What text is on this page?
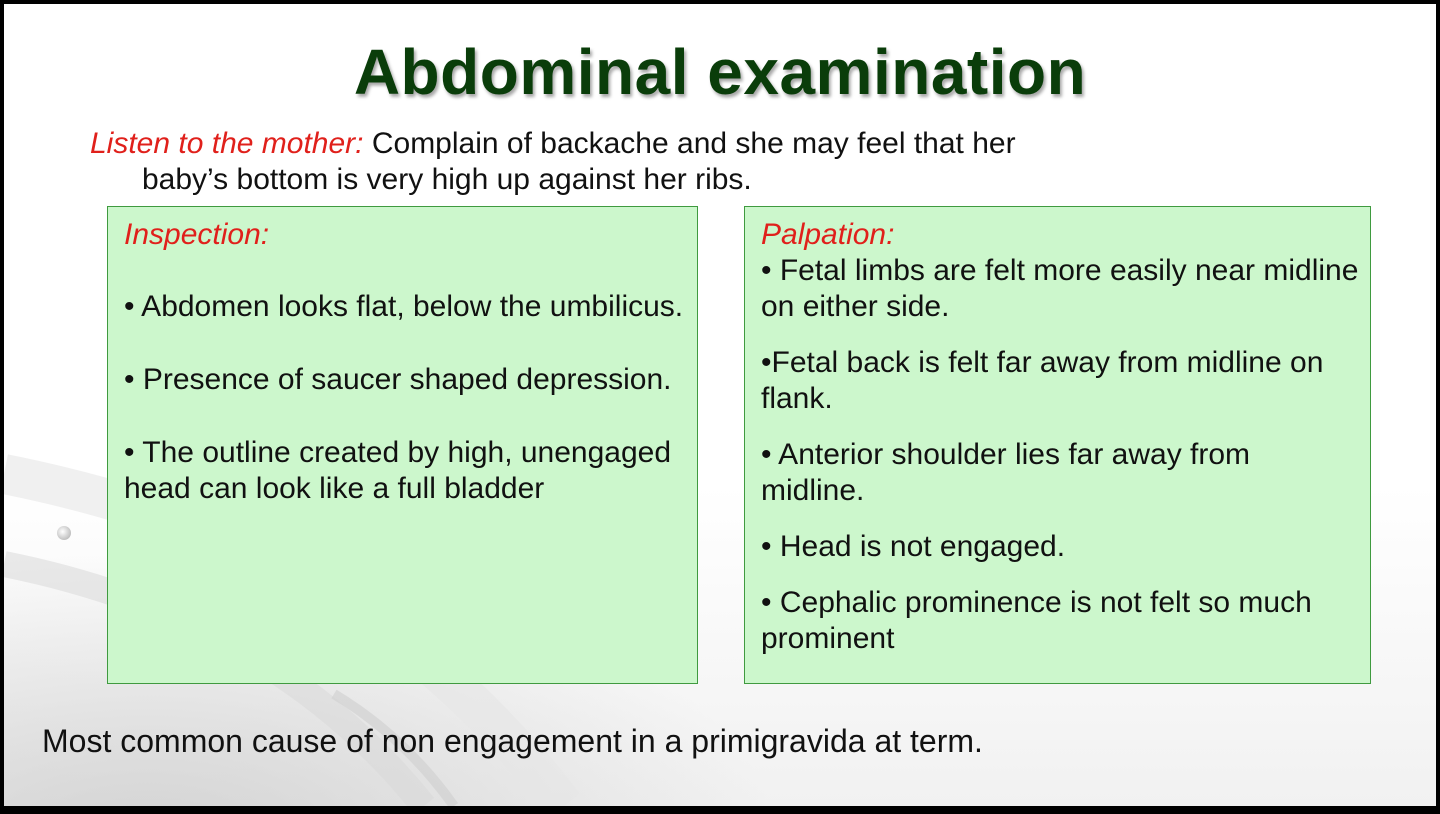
Abdominal examination
Listen to the mother: Complain of backache and she may feel that her
baby’s bottom is very high up against her ribs.
Inspection:
• Abdomen looks flat, below the umbilicus.
• Presence of saucer shaped depression.
• The outline created by high, unengaged head can look like a full bladder
Palpation:
• Fetal limbs are felt more easily near midline on either side.
•Fetal back is felt far away from midline on flank.
• Anterior shoulder lies far away from midline.
• Head is not engaged.
• Cephalic prominence is not felt so much prominent
Most common cause of non engagement in a primigravida at term.
